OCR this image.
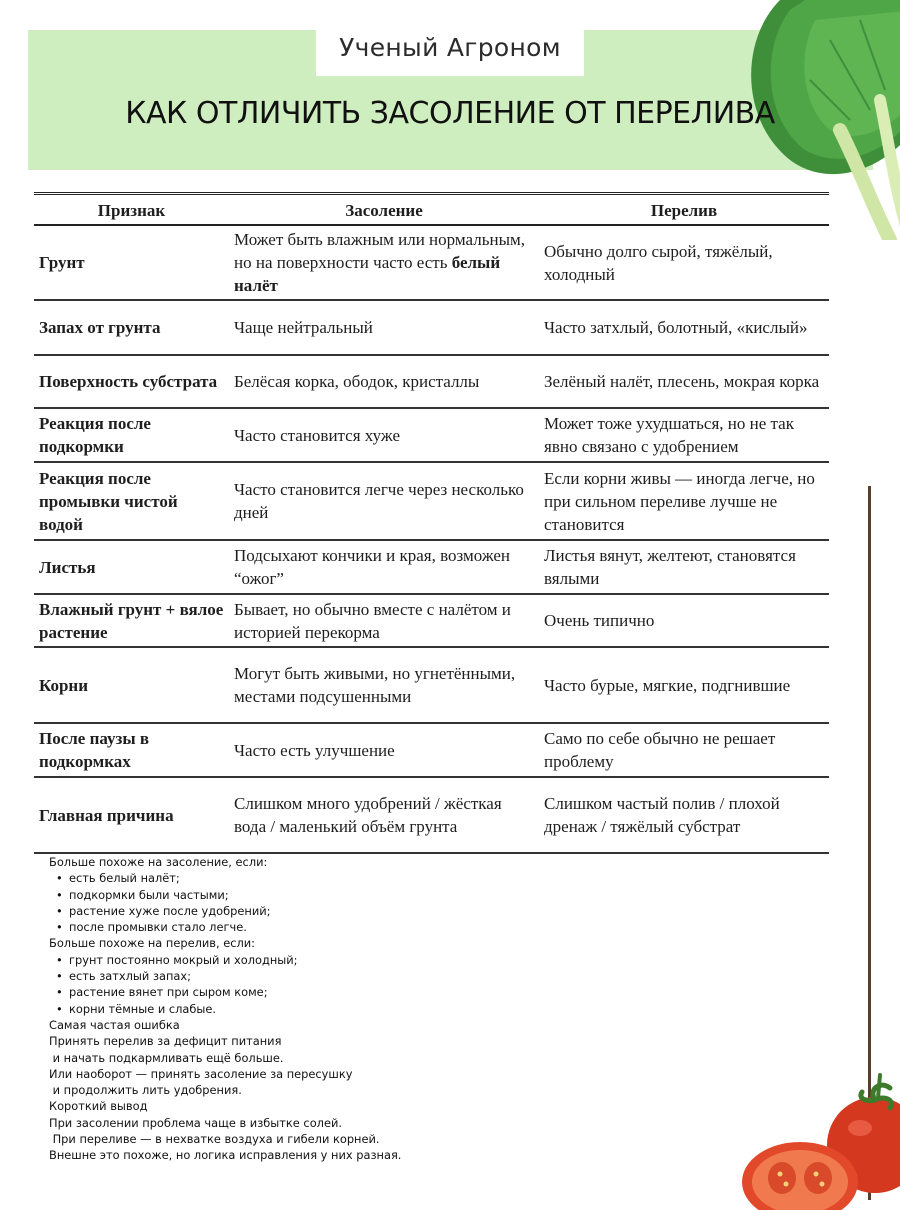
Ученый Агроном
КАК ОТЛИЧИТЬ ЗАСОЛЕНИЕ ОТ ПЕРЕЛИВА
Признак	Засоление	Перелив
Грунт	Может быть влажным или нормальным, но на поверхности часто есть белый налёт	Обычно долго сырой, тяжёлый, холодный
Запах от грунта	Чаще нейтральный	Часто затхлый, болотный, «кислый»
Поверхность субстрата	Белёсая корка, ободок, кристаллы	Зелёный налёт, плесень, мокрая корка
Реакция после подкормки	Часто становится хуже	Может тоже ухудшаться, но не так явно связано с удобрением
Реакция после промывки чистой водой	Часто становится легче через несколько дней	Если корни живы — иногда легче, но при сильном переливе лучше не становится
Листья	Подсыхают кончики и края, возможен “ожог”	Листья вянут, желтеют, становятся вялыми
Влажный грунт + вялое растение	Бывает, но обычно вместе с налётом и историей перекорма	Очень типично
Корни	Могут быть живыми, но угнетёнными, местами подсушенными	Часто бурые, мягкие, подгнившие
После паузы в подкормках	Часто есть улучшение	Само по себе обычно не решает проблему
Главная причина	Слишком много удобрений / жёсткая вода / маленький объём грунта	Слишком частый полив / плохой дренаж / тяжёлый субстрат
Больше похоже на засоление, если:
• есть белый налёт;
• подкормки были частыми;
• растение хуже после удобрений;
• после промывки стало легче.
Больше похоже на перелив, если:
• грунт постоянно мокрый и холодный;
• есть затхлый запах;
• растение вянет при сыром коме;
• корни тёмные и слабые.
Самая частая ошибка
Принять перелив за дефицит питания
и начать подкармливать ещё больше.
Или наоборот — принять засоление за пересушку
и продолжить лить удобрения.
Короткий вывод
При засолении проблема чаще в избытке солей.
При переливе — в нехватке воздуха и гибели корней.
Внешне это похоже, но логика исправления у них разная.
